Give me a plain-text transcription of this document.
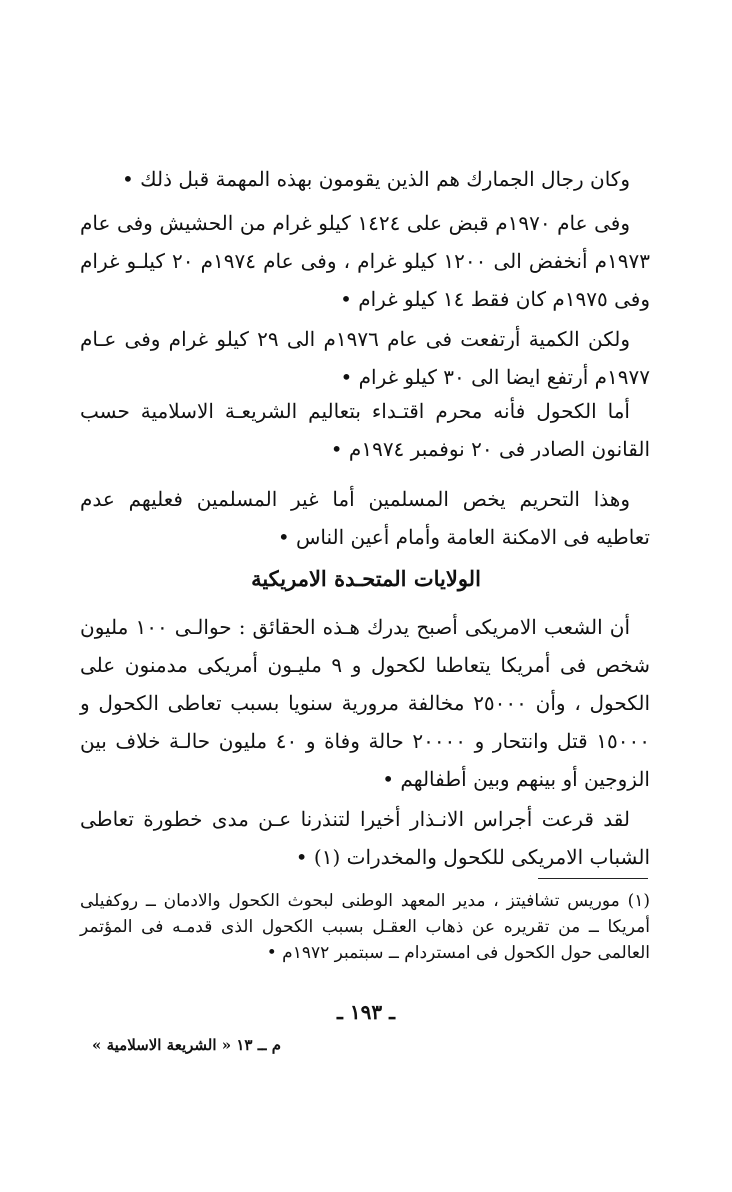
وكان رجال الجمارك هم الذين يقومون بهذه المهمة قبل ذلك •

وفى عام ١٩٧٠م قبض على ١٤٢٤ كيلو غرام من الحشيش وفى عام ١٩٧٣م أنخفض الى ١٢٠٠ كيلو غرام ، وفى عام ١٩٧٤م ٢٠ كيلـو غرام وفى ١٩٧٥م كان فقط ١٤ كيلو غرام •

ولكن الكمية أرتفعت فى عام ١٩٧٦م الى ٢٩ كيلو غرام وفى عـام ١٩٧٧م أرتفع ايضا الى ٣٠ كيلو غرام •

أما الكحول فأنه محرم اقتـداء بتعاليم الشريعـة الاسلامية حسب القانون الصادر فى ٢٠ نوفمبر ١٩٧٤م •

وهذا التحريم يخص المسلمين أما غير المسلمين فعليهم عدم تعاطيه فى الامكنة العامة وأمام أعين الناس •

الولايات المتحـدة الامريكية

أن الشعب الامريكى أصبح يدرك هـذه الحقائق : حوالـى ١٠٠ مليون شخص فى أمريكا يتعاطىا لكحول و ٩ مليـون أمريكى مدمنون على الكحول ، وأن ٢٥٠٠٠ مخالفة مرورية سنويا بسبب تعاطى الكحول و ١٥٠٠٠ قتل وانتحار و ٢٠٠٠٠ حالة وفاة و ٤٠ مليون حالـة خلاف بين الزوجين أو بينهم وبين أطفالهم •

لقد قرعت أجراس الانـذار أخيرا لتنذرنا عـن مدى خطورة تعاطى الشباب الامريكى للكحول والمخدرات (١) •

(١) موريس تشافيتز ، مدير المعهد الوطنى لبحوث الكحول والادمان ــ روكفيلى أمريكا ــ من تقريره عن ذهاب العقـل بسبب الكحول الذى قدمـه فى المؤتمر العالمى حول الكحول فى امستردام ــ سبتمبر ١٩٧٢م •
ـ ١٩٣ ـ
م ــ ١٣ « الشريعة الاسلامية »
